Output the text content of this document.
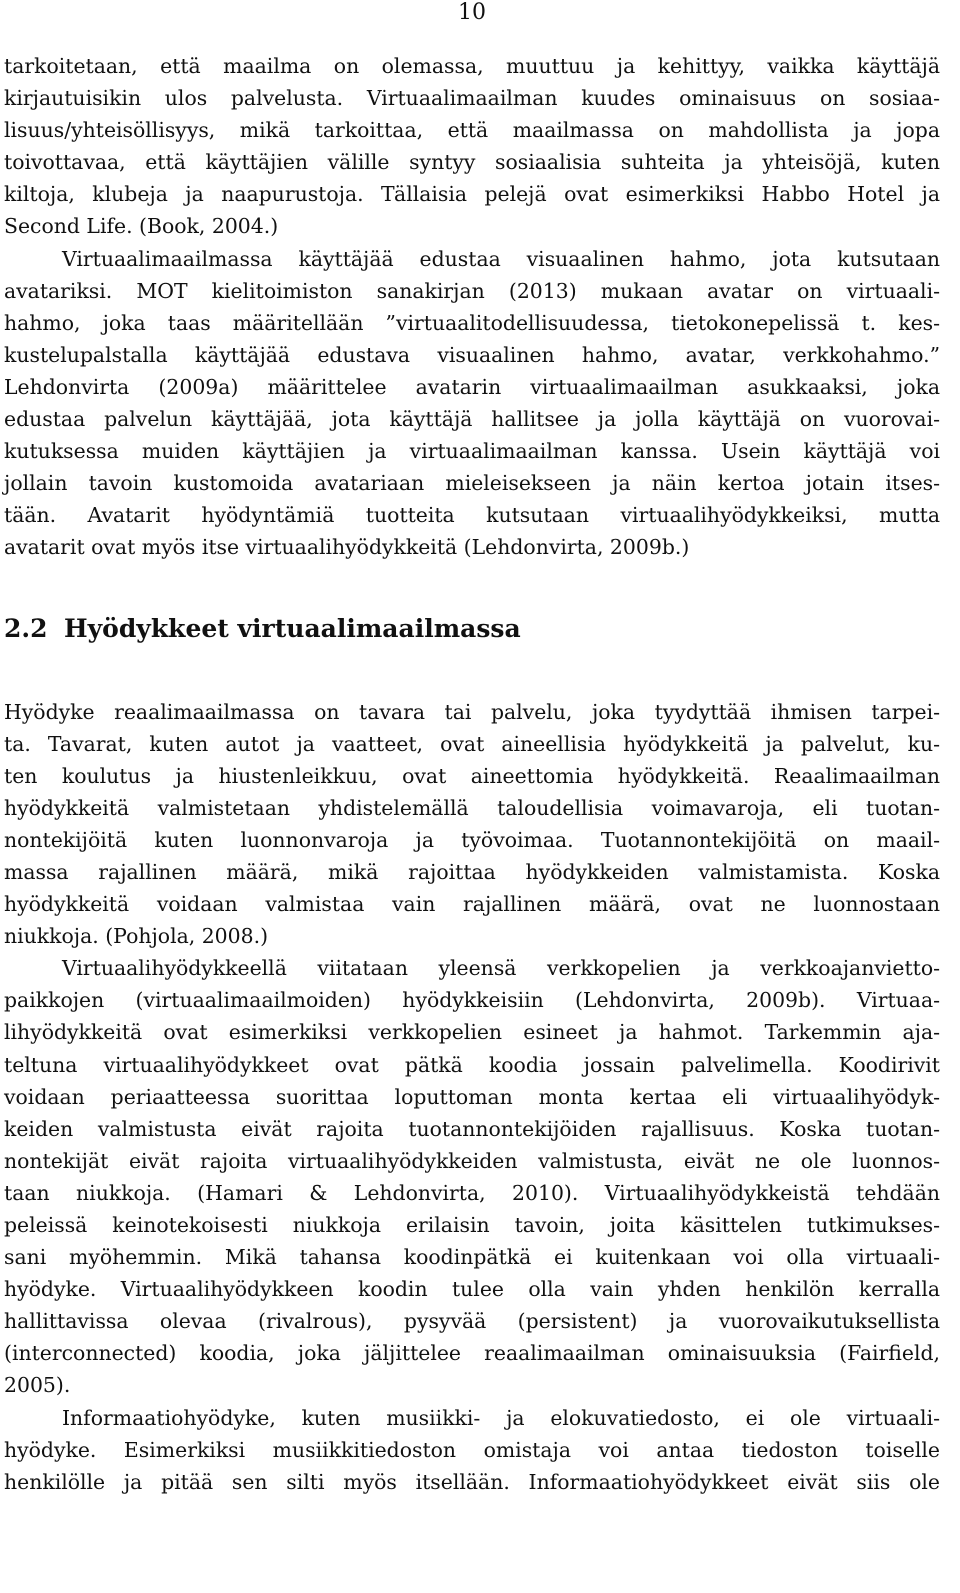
10
tarkoitetaan, että maailma on olemassa, muuttuu ja kehittyy, vaikka käyttäjä
kirjautuisikin ulos palvelusta. Virtuaalimaailman kuudes ominaisuus on sosiaa-
lisuus/yhteisöllisyys, mikä tarkoittaa, että maailmassa on mahdollista ja jopa
toivottavaa, että käyttäjien välille syntyy sosiaalisia suhteita ja yhteisöjä, kuten
kiltoja, klubeja ja naapurustoja. Tällaisia pelejä ovat esimerkiksi Habbo Hotel ja
Second Life. (Book, 2004.)
Virtuaalimaailmassa käyttäjää edustaa visuaalinen hahmo, jota kutsutaan
avatariksi. MOT kielitoimiston sanakirjan (2013) mukaan avatar on virtuaali-
hahmo, joka taas määritellään ”virtuaalitodellisuudessa, tietokonepelissä t. kes-
kustelupalstalla käyttäjää edustava visuaalinen hahmo, avatar, verkkohahmo.”
Lehdonvirta (2009a) määrittelee avatarin virtuaalimaailman asukkaaksi, joka
edustaa palvelun käyttäjää, jota käyttäjä hallitsee ja jolla käyttäjä on vuorovai-
kutuksessa muiden käyttäjien ja virtuaalimaailman kanssa. Usein käyttäjä voi
jollain tavoin kustomoida avatariaan mieleisekseen ja näin kertoa jotain itses-
tään. Avatarit hyödyntämiä tuotteita kutsutaan virtuaalihyödykkeiksi, mutta
avatarit ovat myös itse virtuaalihyödykkeitä (Lehdonvirta, 2009b.)
2.2 Hyödykkeet virtuaalimaailmassa
Hyödyke reaalimaailmassa on tavara tai palvelu, joka tyydyttää ihmisen tarpei-
ta. Tavarat, kuten autot ja vaatteet, ovat aineellisia hyödykkeitä ja palvelut, ku-
ten koulutus ja hiustenleikkuu, ovat aineettomia hyödykkeitä. Reaalimaailman
hyödykkeitä valmistetaan yhdistelemällä taloudellisia voimavaroja, eli tuotan-
nontekijöitä kuten luonnonvaroja ja työvoimaa. Tuotannontekijöitä on maail-
massa rajallinen määrä, mikä rajoittaa hyödykkeiden valmistamista. Koska
hyödykkeitä voidaan valmistaa vain rajallinen määrä, ovat ne luonnostaan
niukkoja. (Pohjola, 2008.)
Virtuaalihyödykkeellä viitataan yleensä verkkopelien ja verkkoajanvietto-
paikkojen (virtuaalimaailmoiden) hyödykkeisiin (Lehdonvirta, 2009b). Virtuaa-
lihyödykkeitä ovat esimerkiksi verkkopelien esineet ja hahmot. Tarkemmin aja-
teltuna virtuaalihyödykkeet ovat pätkä koodia jossain palvelimella. Koodirivit
voidaan periaatteessa suorittaa loputtoman monta kertaa eli virtuaalihyödyk-
keiden valmistusta eivät rajoita tuotannontekijöiden rajallisuus. Koska tuotan-
nontekijät eivät rajoita virtuaalihyödykkeiden valmistusta, eivät ne ole luonnos-
taan niukkoja. (Hamari & Lehdonvirta, 2010). Virtuaalihyödykkeistä tehdään
peleissä keinotekoisesti niukkoja erilaisin tavoin, joita käsittelen tutkimukses-
sani myöhemmin. Mikä tahansa koodinpätkä ei kuitenkaan voi olla virtuaali-
hyödyke. Virtuaalihyödykkeen koodin tulee olla vain yhden henkilön kerralla
hallittavissa olevaa (rivalrous), pysyvää (persistent) ja vuorovaikutuksellista
(interconnected) koodia, joka jäljittelee reaalimaailman ominaisuuksia (Fairfield,
2005).
Informaatiohyödyke, kuten musiikki- ja elokuvatiedosto, ei ole virtuaali-
hyödyke. Esimerkiksi musiikkitiedoston omistaja voi antaa tiedoston toiselle
henkilölle ja pitää sen silti myös itsellään. Informaatiohyödykkeet eivät siis ole
